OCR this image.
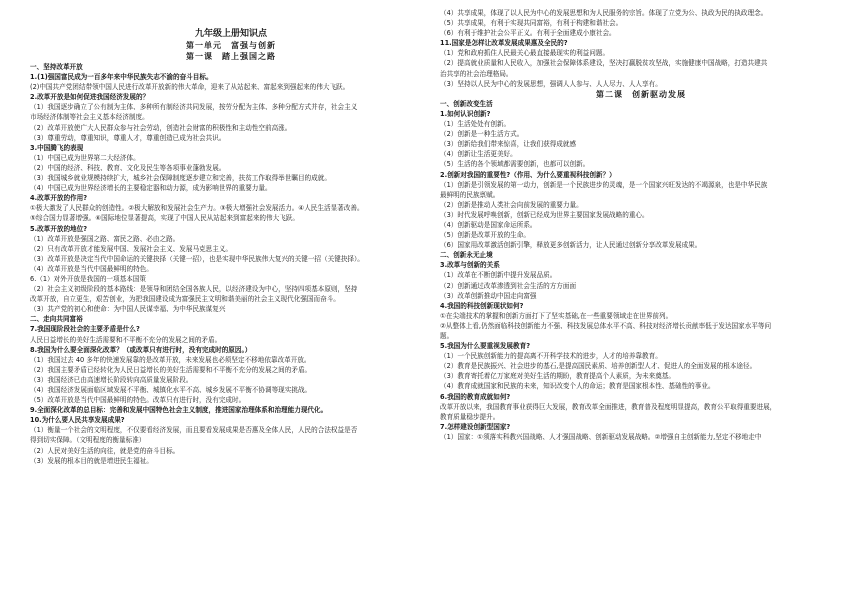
九年级上册知识点
第一单元　富强与创新
第一课　踏上强国之路
一、坚持改革开放
1.(1)强国富民成为一百多年来中华民族失志不渝的奋斗目标。
(2)中国共产党团结带领中国人民进行改革开放新的伟大革命，迎来了从站起来、富起来到强起来的伟大飞跃。
2.改革开放是如何促进我国经济发展的？
（1）我国逐步确立了公有制为主体、多种所有制经济共同发展，按劳分配为主体、多种分配方式并存，社会主义
市场经济体制等社会主义基本经济制度。
（2）改革开放使广大人民群众参与社会劳动，创造社会财富的积极性和主动性空前高涨。
（3）尊重劳动，尊重知识，尊重人才，尊重创造已成为社会共识。
3.中国腾飞的表现
（1）中国已成为世界第二大经济体。
（2）中国的经济、科技、教育、文化及民生等各项事业蓬勃发展。
（3）我国城乡就业规模持续扩大，城乡社会保障制度逐步建立和完善，扶贫工作取得举世瞩目的成就。
（4）中国已成为世界经济增长的主要稳定器和动力源，成为影响世界的重要力量。
4.改革开放的作用?
①极大激发了人民群众的创造性。②极大解放和发展社会生产力。③极大增强社会发展活力。④人民生活显著改善。
⑤综合国力显著增强。⑥国际地位显著提高，实现了中国人民从站起来到富起来的伟大飞跃。
5.改革开放的地位?
（1）改革开放是强国之路、富民之路、必由之路。
（2）只有改革开放才能发展中国、发展社会主义、发展马克思主义。
（3）改革开放是决定当代中国命运的关键抉择（关键一招），也是实现中华民族伟大复兴的关键一招（关键抉择）。
（4）改革开放是当代中国最鲜明的特色。
6.（1）对外开放是我国的一项基本国策
（2）社会主义初级阶段的基本路线：是领导和团结全国各族人民，以经济建设为中心，坚持四项基本原则，坚持
改革开放，自立更生，艰苦创业，为把我国建设成为富强民主文明和谐美丽的社会主义现代化强国而奋斗。
（3）共产党的初心和使命：为中国人民谋幸福、为中华民族谋复兴
二、走向共同富裕
7.我国现阶段社会的主要矛盾是什么?
人民日益增长的美好生活需要和不平衡不充分的发展之间的矛盾。
8.我国为什么要全面深化改革？（或改革只有进行时，没有完成时的原因。）
（1）我国过去 40 多年的快速发展靠的是改革开放，未来发展也必须坚定不移地依靠改革开放。
（2）我国主要矛盾已经转化为人民日益增长的美好生活需要和不平衡不充分的发展之间的矛盾。
（3）我国经济已由高速增长阶段转向高质量发展阶段。
（4）我国经济发展面临区域发展不平衡、城镇化水平不高、城乡发展不平衡不协调等现实挑战。
（5）改革开放是当代中国最鲜明的特色。改革只有进行时，没有完成时。
9.全面深化改革的总目标：完善和发展中国特色社会主义制度，推进国家治理体系和治理能力现代化。
10.为什么要人民共享发展成果?
（1）衡量一个社会的文明程度，不仅要看经济发展，而且要看发展成果是否惠及全体人民，人民的合法权益是否
得到切实保障。（文明程度的衡量标准）
（2）人民对美好生活的向往，就是党的奋斗目标。
（3）发展的根本目的就是增进民生福祉。
（4）共享成果，体现了以人民为中心的发展思想和为人民服务的宗旨。体现了立党为公、执政为民的执政理念。
（5）共享成果，有利于实现共同富裕，有利于构建和谐社会。
（6）有利于维护社会公平正义。有利于全面建成小康社会。
11.国家是怎样让改革发展成果惠及全民的?
（1）党和政府抓住人民最关心最直接最现实的利益问题。
（2）提高就业质量和人民收入，加强社会保障体系建设，坚决打赢脱贫攻坚战，实施健康中国战略，打造共建共
治共享的社会治理格局。
（3）坚持以人民为中心的发展思想，强调人人参与、人人尽力、人人享有。
第二课　创新驱动发展
一、创新改变生活
1.如何认识创新?
（1）生活处处有创新。
（2）创新是一种生活方式。
（3）创新给我们带来惊喜，让我们获得成就感
（4）创新让生活更美好。
（5）生活的各个领域都需要创新，也都可以创新。
2.创新对我国的重要性?（作用、为什么要重视科技创新？）
（1）创新是引领发展的第一动力，创新是一个民族进步的灵魂，是一个国家兴旺发达的不竭源泉，也是中华民族
最鲜明的民族禀赋。
（2）创新是推动人类社会向前发展的重要力量。
（3）时代发展呼唤创新，创新已经成为世界主要国家发展战略的重心。
（4）创新驱动是国家命运所系。
（5）创新是改革开放的生命。
（6）国家用改革激活创新引擎，释放更多创新活力，让人民通过创新分享改革发展成果。
二、创新永无止境
3.改革与创新的关系
（1）改革在不断创新中提升发展品质。
（2）创新通过改革渗透到社会生活的方方面面
（3）改革创新推动中国走向富强
4.我国的科技创新现状如何?
①在尖端技术的掌握和创新方面打下了坚实基础,在一些重要领域走在世界前列。
②从整体上看,仍然面临科技创新能力不强、科技发展总体水平不高、科技对经济增长贡献率低于发达国家水平等问
题。
5.我国为什么要重视发展教育?
（1）一个民族创新能力的提高离不开科学技术的进步，人才的培养靠教育。
（2）教育是民族振兴、社会进步的基石,是提高国民素质、培养创新型人才、促进人的全面发展的根本途径。
（3）教育寄托着亿万家庭对美好生活的期盼，教育提高个人素质，为未来奠基。
（4）教育成就国家和民族的未来，知识改变个人的命运；教育是国家根本性、基础性的事业。
6.我国的教育成就如何?
改革开放以来，我国教育事业获得巨大发展，教育改革全面推进，教育普及程度明显提高，教育公平取得重要进展，
教育质量稳步提升。
7.怎样建设创新型国家?
（1）国家：①须落实科教兴国战略、人才强国战略、创新驱动发展战略。②增强自主创新能力,坚定不移地走中
